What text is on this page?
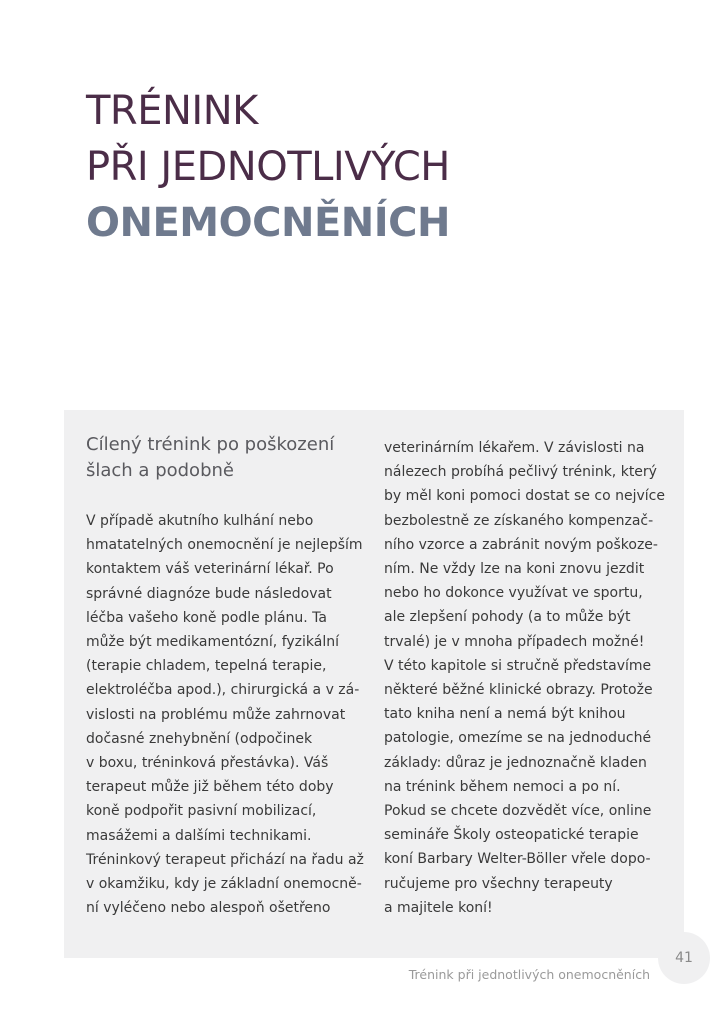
TRÉNINK
PŘI JEDNOTLIVÝCH
ONEMOCNĚNÍCH
Cílený trénink po poškození
šlach a podobně
V případě akutního kulhání nebo
hmatatelných onemocnění je nejlepším
kontaktem váš veterinární lékař. Po
správné diagnóze bude následovat
léčba vašeho koně podle plánu. Ta
může být medikamentózní, fyzikální
(terapie chladem, tepelná terapie,
elektroléčba apod.), chirurgická a v zá-
vislosti na problému může zahrnovat
dočasné znehybnění (odpočinek
v boxu, tréninková přestávka). Váš
terapeut může již během této doby
koně podpořit pasivní mobilizací,
masážemi a dalšími technikami.
Tréninkový terapeut přichází na řadu až
v okamžiku, kdy je základní onemocně-
ní vyléčeno nebo alespoň ošetřeno
veterinárním lékařem. V závislosti na
nálezech probíhá pečlivý trénink, který
by měl koni pomoci dostat se co nejvíce
bezbolestně ze získaného kompenzač-
ního vzorce a zabránit novým poškoze-
ním. Ne vždy lze na koni znovu jezdit
nebo ho dokonce využívat ve sportu,
ale zlepšení pohody (a to může být
trvalé) je v mnoha případech možné!
V této kapitole si stručně představíme
některé běžné klinické obrazy. Protože
tato kniha není a nemá být knihou
patologie, omezíme se na jednoduché
základy: důraz je jednoznačně kladen
na trénink během nemoci a po ní.
Pokud se chcete dozvědět více, online
semináře Školy osteopatické terapie
koní Barbary Welter-Böller vřele dopo-
ručujeme pro všechny terapeuty
a majitele koní!
41
Trénink při jednotlivých onemocněních
